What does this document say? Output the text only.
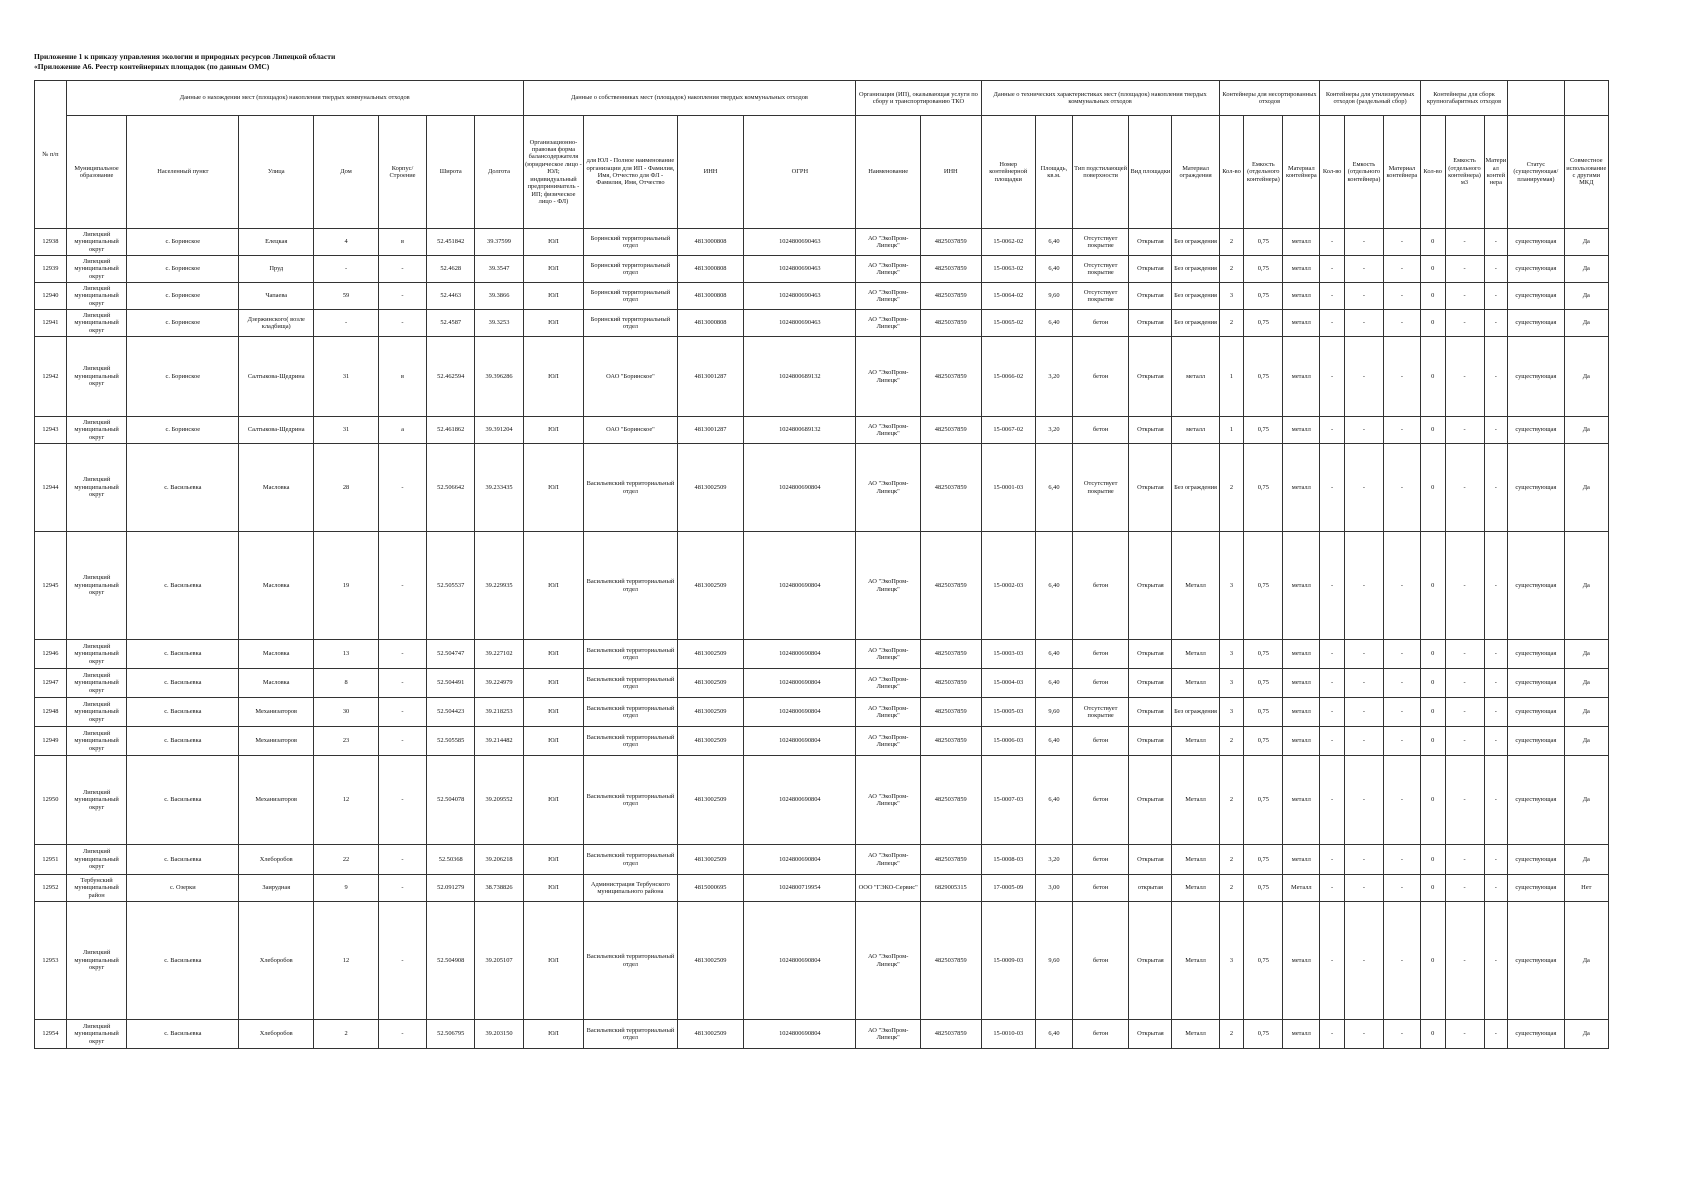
Приложение 1 к приказу управления экологии и природных ресурсов Липецкой области
«Приложение А6. Реестр контейнерных площадок (по данным ОМС)
№ п/п	Данные о нахождении мест (площадок) накопления твердых коммунальных отходов							Данные о собственниках мест (площадок) накопления твердых коммунальных отходов				Организация (ИП), оказывающая услуги по сбору и транспортированию ТКО		Данные о технических характеристиках мест (площадок) накопления твердых коммунальных отходов					Контейнеры для несортированных отходов			Контейнеры для утилизируемых отходов (раздельный сбор)			Контейнеры для сборк крупногабаритных отходов				
	Муниципальное образование	Населенный пункт	Улица	Дом	Корпус/Строение	Широта	Долгота	Организационно-правовая форма балансодержателя (юридическое лицо - ЮЛ; индивидуальный предприниматель - ИП; физическое лицо - ФЛ)	для ЮЛ - Полное наименование организации для ИП - Фамилия, Имя, Отчество для ФЛ - Фамилия, Имя, Отчество	ИНН	ОГРН	Наименование	ИНН	Номер контейнерной площадки	Площадь, кв.м.	Тип подстилающей поверхности	Вид площадки	Материал ограждения	Кол-во	Емкость (отдельного контейнера)	Материал контейнера	Кол-во	Емкость (отдельного контейнера)	Материал контейнера	Кол-во	Емкость (отдельного контейнера) м3	Материал контейнера	Статус (существующая/ планируемая)	Совместное использование с другими МКД
12938	Липецкий муниципальный округ	с. Боринское	Елецкая	4	в	52.451842	39.37599	ЮЛ	Боринский территориальный отдел	4813000808	1024800690463	АО "ЭкоПром-Липецк"	4825037859	15-0062-02	6,40	Отсутствует покрытие	Открытая	Без ограждения	2	0,75	металл	-	-	-	0	-	-	существующая	Да
12939	Липецкий муниципальный округ	с. Боринское	Пруд	-	-	52.4628	39.3547	ЮЛ	Боринский территориальный отдел	4813000808	1024800690463	АО "ЭкоПром-Липецк"	4825037859	15-0063-02	6,40	Отсутствует покрытие	Открытая	Без ограждения	2	0,75	металл	-	-	-	0	-	-	существующая	Да
12940	Липецкий муниципальный округ	с. Боринское	Чапаева	59	-	52.4463	39.3866	ЮЛ	Боринский территориальный отдел	4813000808	1024800690463	АО "ЭкоПром-Липецк"	4825037859	15-0064-02	9,60	Отсутствует покрытие	Открытая	Без ограждения	3	0,75	металл	-	-	-	0	-	-	существующая	Да
12941	Липецкий муниципальный округ	с. Боринское	Дзержинского( возле кладбища)	-	-	52.4587	39.3253	ЮЛ	Боринский территориальный отдел	4813000808	1024800690463	АО "ЭкоПром-Липецк"	4825037859	15-0065-02	6,40	бетон	Открытая	Без ограждения	2	0,75	металл	-	-	-	0	-	-	существующая	Да
12942	Липецкий муниципальный округ	с. Боринское	Салтыкова-Щедрина	31	в	52.462594	39.396286	ЮЛ	ОАО "Боринское"	4813001287	1024800689132	АО "ЭкоПром-Липецк"	4825037859	15-0066-02	3,20	бетон	Открытая	металл	1	0,75	металл	-	-	-	0	-	-	существующая	Да
12943	Липецкий муниципальный округ	с. Боринское	Салтыкова-Щедрина	31	а	52.461862	39.391204	ЮЛ	ОАО "Боринское"	4813001287	1024800689132	АО "ЭкоПром-Липецк"	4825037859	15-0067-02	3,20	бетон	Открытая	металл	1	0,75	металл	-	-	-	0	-	-	существующая	Да
12944	Липецкий муниципальный округ	с. Васильевка	Масловка	28	-	52.506642	39.233435	ЮЛ	Васильевский территориальный отдел	4813002509	1024800690804	АО "ЭкоПром-Липецк"	4825037859	15-0001-03	6,40	Отсутствует покрытие	Открытая	Без ограждения	2	0,75	металл	-	-	-	0	-	-	существующая	Да
12945	Липецкий муниципальный округ	с. Васильевка	Масловка	19	-	52.505537	39.229935	ЮЛ	Васильевский территориальный отдел	4813002509	1024800690804	АО "ЭкоПром-Липецк"	4825037859	15-0002-03	6,40	бетон	Открытая	Металл	3	0,75	металл	-	-	-	0	-	-	существующая	Да
12946	Липецкий муниципальный округ	с. Васильевка	Масловка	13	-	52.504747	39.227102	ЮЛ	Васильевский территориальный отдел	4813002509	1024800690804	АО "ЭкоПром-Липецк"	4825037859	15-0003-03	6,40	бетон	Открытая	Металл	3	0,75	металл	-	-	-	0	-	-	существующая	Да
12947	Липецкий муниципальный округ	с. Васильевка	Масловка	8	-	52.504491	39.224979	ЮЛ	Васильевский территориальный отдел	4813002509	1024800690804	АО "ЭкоПром-Липецк"	4825037859	15-0004-03	6,40	бетон	Открытая	Металл	3	0,75	металл	-	-	-	0	-	-	существующая	Да
12948	Липецкий муниципальный округ	с. Васильевка	Механизаторов	30	-	52.504423	39.218253	ЮЛ	Васильевский территориальный отдел	4813002509	1024800690804	АО "ЭкоПром-Липецк"	4825037859	15-0005-03	9,60	Отсутствует покрытие	Открытая	Без ограждения	3	0,75	металл	-	-	-	0	-	-	существующая	Да
12949	Липецкий муниципальный округ	с. Васильевка	Механизаторов	23	-	52.505585	39.214482	ЮЛ	Васильевский территориальный отдел	4813002509	1024800690804	АО "ЭкоПром-Липецк"	4825037859	15-0006-03	6,40	бетон	Открытая	Металл	2	0,75	металл	-	-	-	0	-	-	существующая	Да
12950	Липецкий муниципальный округ	с. Васильевка	Механизаторов	12	-	52.504078	39.209552	ЮЛ	Васильевский территориальный отдел	4813002509	1024800690804	АО "ЭкоПром-Липецк"	4825037859	15-0007-03	6,40	бетон	Открытая	Металл	2	0,75	металл	-	-	-	0	-	-	существующая	Да
12951	Липецкий муниципальный округ	с. Васильевка	Хлеборобов	22	-	52.50368	39.206218	ЮЛ	Васильевский территориальный отдел	4813002509	1024800690804	АО "ЭкоПром-Липецк"	4825037859	15-0008-03	3,20	бетон	Открытая	Металл	2	0,75	металл	-	-	-	0	-	-	существующая	Да
12952	Тербунский муниципальный район	с. Озерки	Заирудная	9	-	52.091279	38.738826	ЮЛ	Администрация Тербунского муниципального района	4815000695	1024800719954	ООО "ГЭКО-Сервис"	6829005315	17-0005-09	3,00	бетон	открытая	Металл	2	0,75	Металл	-	-	-	0	-	-	существующая	Нет
12953	Липецкий муниципальный округ	с. Васильевка	Хлеборобов	12	-	52.504908	39.205107	ЮЛ	Васильевский территориальный отдел	4813002509	1024800690804	АО "ЭкоПром-Липецк"	4825037859	15-0009-03	9,60	бетон	Открытая	Металл	3	0,75	металл	-	-	-	0	-	-	существующая	Да
12954	Липецкий муниципальный округ	с. Васильевка	Хлеборобов	2	-	52.506795	39.203150	ЮЛ	Васильевский территориальный отдел	4813002509	1024800690804	АО "ЭкоПром-Липецк"	4825037859	15-0010-03	6,40	бетон	Открытая	Металл	2	0,75	металл	-	-	-	0	-	-	существующая	Да
